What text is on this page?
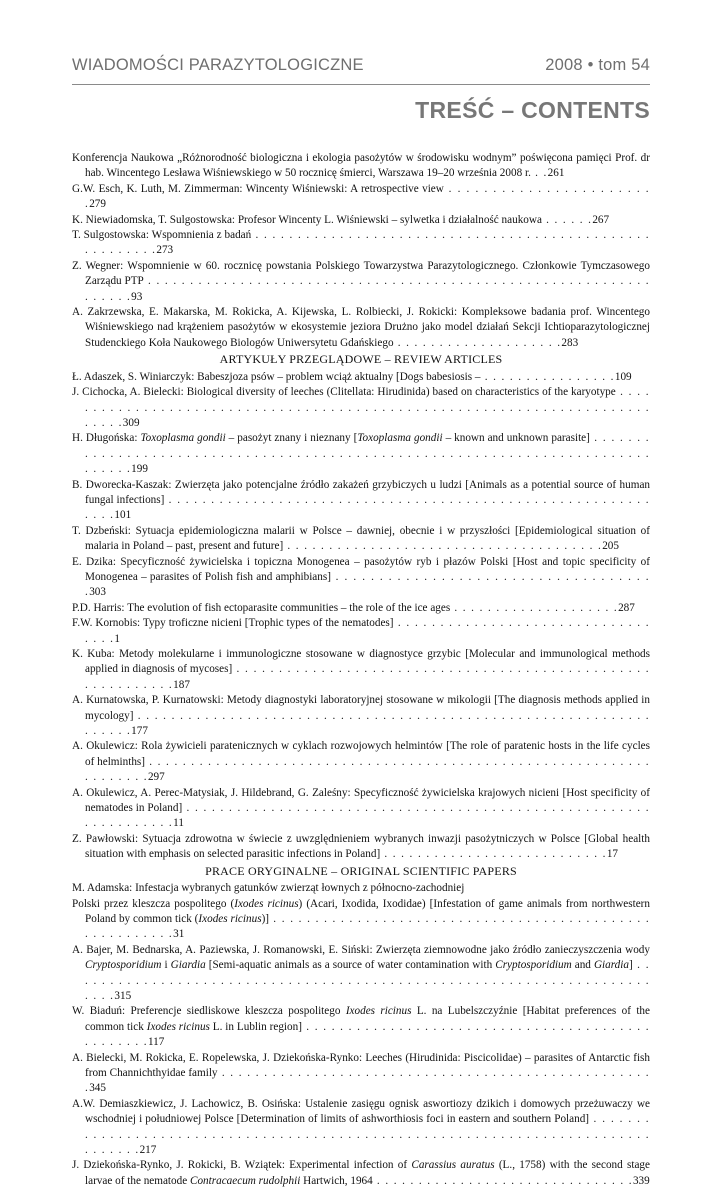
WIADOMOŚCI PARAZYTOLOGICZNE	2008 • tom 54
TREŚĆ – CONTENTS

Konferencja Naukowa „Różnorodność biologiczna i ekologia pasożytów w środowisku wodnym” poświęcona pamięci Prof. dr hab. Wincentego Lesława Wiśniewskiego w 50 rocznicę śmierci, Warszawa 19–20 września 2008 r. . .261

G.W. Esch, K. Luth, M. Zimmerman: Wincenty Wiśniewski: A retrospective view . . . . . . . . . . . . . . . . . . . . . . . .279

K. Niewiadomska, T. Sulgostowska: Profesor Wincenty L. Wiśniewski – sylwetka i działalność naukowa . . . . . .267

T. Sulgostowska: Wspomnienia z badań . . . . . . . . . . . . . . . . . . . . . . . . . . . . . . . . . . . . . . . . . . . . . . . . . . . . . . . .273

Z. Wegner: Wspomnienie w 60. rocznicę powstania Polskiego Towarzystwa Parazytologicznego. Członkowie Tymczasowego Zarządu PTP . . . . . . . . . . . . . . . . . . . . . . . . . . . . . . . . . . . . . . . . . . . . . . . . . . . . . . . . . . . . . . . . . .93

A. Zakrzewska, E. Makarska, M. Rokicka, A. Kijewska, L. Rolbiecki, J. Rokicki: Kompleksowe badania prof. Wincentego Wiśniewskiego nad krążeniem pasożytów w ekosystemie jeziora Drużno jako model działań Sekcji Ichtioparazytologicznej Studenckiego Koła Naukowego Biologów Uniwersytetu Gdańskiego . . . . . . . . . . . . . . . . . . . .283

ARTYKUŁY PRZEGLĄDOWE – REVIEW ARTICLES

Ł. Adaszek, S. Winiarczyk: Babeszjoza psów – problem wciąż aktualny [Dogs babesiosis – . . . . . . . . . . . . . . . .109

J. Cichocka, A. Bielecki: Biological diversity of leeches (Clitellata: Hirudinida) based on characteristics of the karyotype . . . . . . . . . . . . . . . . . . . . . . . . . . . . . . . . . . . . . . . . . . . . . . . . . . . . . . . . . . . . . . . . . . . . . . . . . . . .309

H. Długońska: Toxoplasma gondii – pasożyt znany i nieznany [Toxoplasma gondii – known and unknown parasite] . . . . . . . . . . . . . . . . . . . . . . . . . . . . . . . . . . . . . . . . . . . . . . . . . . . . . . . . . . . . . . . . . . . . . . . . . . . . . . . .199

B. Dworecka-Kaszak: Zwierzęta jako potencjalne źródło zakażeń grzybiczych u ludzi [Animals as a potential source of human fungal infections] . . . . . . . . . . . . . . . . . . . . . . . . . . . . . . . . . . . . . . . . . . . . . . . . . . . . . . . . . . . . .101

T. Dzbeński: Sytuacja epidemiologiczna malarii w Polsce – dawniej, obecnie i w przyszłości [Epidemiological situation of malaria in Poland – past, present and future] . . . . . . . . . . . . . . . . . . . . . . . . . . . . . . . . . . . . . .205

E. Dzika: Specyficzność żywicielska i topiczna Monogenea – pasożytów ryb i płazów Polski [Host and topic specificity of Monogenea – parasites of Polish fish and amphibians] . . . . . . . . . . . . . . . . . . . . . . . . . . . . . . . . . . . . .303

P.D. Harris: The evolution of fish ectoparasite communities – the role of the ice ages . . . . . . . . . . . . . . . . . . . .287

F.W. Kornobis: Typy troficzne nicieni [Trophic types of the nematodes] . . . . . . . . . . . . . . . . . . . . . . . . . . . . . . . . . .1

K. Kuba: Metody molekularne i immunologiczne stosowane w diagnostyce grzybic [Molecular and immunological methods applied in diagnosis of mycoses] . . . . . . . . . . . . . . . . . . . . . . . . . . . . . . . . . . . . . . . . . . . . . . . . . . . . . . . . . . . .187

A. Kurnatowska, P. Kurnatowski: Metody diagnostyki laboratoryjnej stosowane w mikologii [The diagnosis methods applied in mycology] . . . . . . . . . . . . . . . . . . . . . . . . . . . . . . . . . . . . . . . . . . . . . . . . . . . . . . . . . . . . . . . . . . .177

A. Okulewicz: Rola żywicieli paratenicznych w cyklach rozwojowych helmintów [The role of paratenic hosts in the life cycles of helminths] . . . . . . . . . . . . . . . . . . . . . . . . . . . . . . . . . . . . . . . . . . . . . . . . . . . . . . . . . . . . . . . . . . . .297

A. Okulewicz, A. Perec-Matysiak, J. Hildebrand, G. Zaleśny: Specyficzność żywicielska krajowych nicieni [Host specificity of nematodes in Poland] . . . . . . . . . . . . . . . . . . . . . . . . . . . . . . . . . . . . . . . . . . . . . . . . . . . . . . . . . . . . . . . . . .11

Z. Pawłowski: Sytuacja zdrowotna w świecie z uwzględnieniem wybranych inwazji pasożytniczych w Polsce [Global health situation with emphasis on selected parasitic infections in Poland] . . . . . . . . . . . . . . . . . . . . . . . . . . .17

PRACE ORYGINALNE – ORIGINAL SCIENTIFIC PAPERS

M. Adamska: Infestacja wybranych gatunków zwierząt łownych z północno-zachodniej

Polski przez kleszcza pospolitego (Ixodes ricinus) (Acari, Ixodida, Ixodidae) [Infestation of game animals from northwestern Poland by common tick (Ixodes ricinus)] . . . . . . . . . . . . . . . . . . . . . . . . . . . . . . . . . . . . . . . . . . . . . . . . . . . . . . . .31

A. Bajer, M. Bednarska, A. Paziewska, J. Romanowski, E. Siński: Zwierzęta ziemnowodne jako źródło zanieczyszczenia wody Cryptosporidium i Giardia [Semi-aquatic animals as a source of water contamination with Cryptosporidium and Giardia] . . . . . . . . . . . . . . . . . . . . . . . . . . . . . . . . . . . . . . . . . . . . . . . . . . . . . . . . . . . . . . . . . . . . . . . . .315

W. Biaduń: Preferencje siedliskowe kleszcza pospolitego Ixodes ricinus L. na Lubelszczyźnie [Habitat preferences of the common tick Ixodes ricinus L. in Lublin region] . . . . . . . . . . . . . . . . . . . . . . . . . . . . . . . . . . . . . . . . . . . . . . . . .117

A. Bielecki, M. Rokicka, E. Ropelewska, J. Dziekońska-Rynko: Leeches (Hirudinida: Piscicolidae) – parasites of Antarctic fish from Channichthyidae family . . . . . . . . . . . . . . . . . . . . . . . . . . . . . . . . . . . . . . . . . . . . . . . . . . . .345

A.W. Demiaszkiewicz, J. Lachowicz, B. Osińska: Ustalenie zasięgu ognisk aswortiozy dzikich i domowych przeżuwaczy we wschodniej i południowej Polsce [Determination of limits of ashworthiosis foci in eastern and southern Poland] . . . . . . . . . . . . . . . . . . . . . . . . . . . . . . . . . . . . . . . . . . . . . . . . . . . . . . . . . . . . . . . . . . . . . . . . . . . . . . . . .217

J. Dziekońska-Rynko, J. Rokicki, B. Wziątek: Experimental infection of Carassius auratus (L., 1758) with the second stage larvae of the nematode Contracaecum rudolphii Hartwich, 1964 . . . . . . . . . . . . . . . . . . . . . . . . . . . . . . .339
